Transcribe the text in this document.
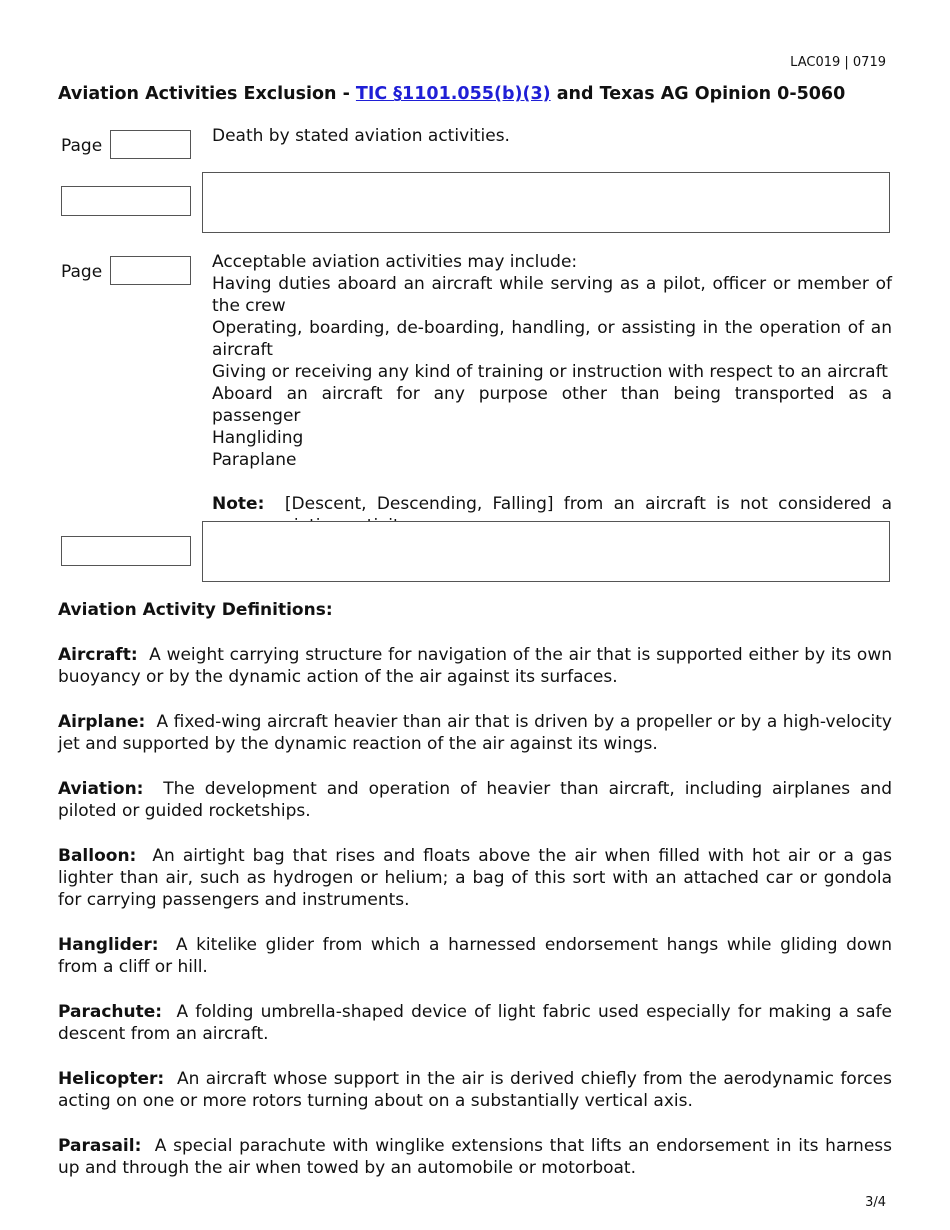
LAC019 | 0719
Aviation Activities Exclusion - TIC §1101.055(b)(3) and Texas AG Opinion 0-5060
Page	Death by stated aviation activities.
Page	Acceptable aviation activities may include:

Having duties aboard an aircraft while serving as a pilot, officer or member of the crew

Operating, boarding, de-boarding, handling, or assisting in the operation of an aircraft

Giving or receiving any kind of training or instruction with respect to an aircraft

Aboard an aircraft for any purpose other than being transported as a passenger

Hangliding

Paraplane

Note: [Descent, Descending, Falling] from an aircraft is not considered a

Aviation Activity Definitions:

Aircraft: A weight carrying structure for navigation of the air that is supported either by its own buoyancy or by the dynamic action of the air against its surfaces.

Airplane: A fixed-wing aircraft heavier than air that is driven by a propeller or by a high-velocity jet and supported by the dynamic reaction of the air against its wings.

Aviation: The development and operation of heavier than aircraft, including airplanes and piloted or guided rocketships.

Balloon: An airtight bag that rises and floats above the air when filled with hot air or a gas lighter than air, such as hydrogen or helium; a bag of this sort with an attached car or gondola for carrying passengers and instruments.

Hanglider: A kitelike glider from which a harnessed endorsement hangs while gliding down from a cliff or hill.

Parachute: A folding umbrella-shaped device of light fabric used especially for making a safe descent from an aircraft.

Helicopter: An aircraft whose support in the air is derived chiefly from the aerodynamic forces acting on one or more rotors turning about on a substantially vertical axis.

Parasail: A special parachute with winglike extensions that lifts an endorsement in its harness up and through the air when towed by an automobile or motorboat.

3/4
